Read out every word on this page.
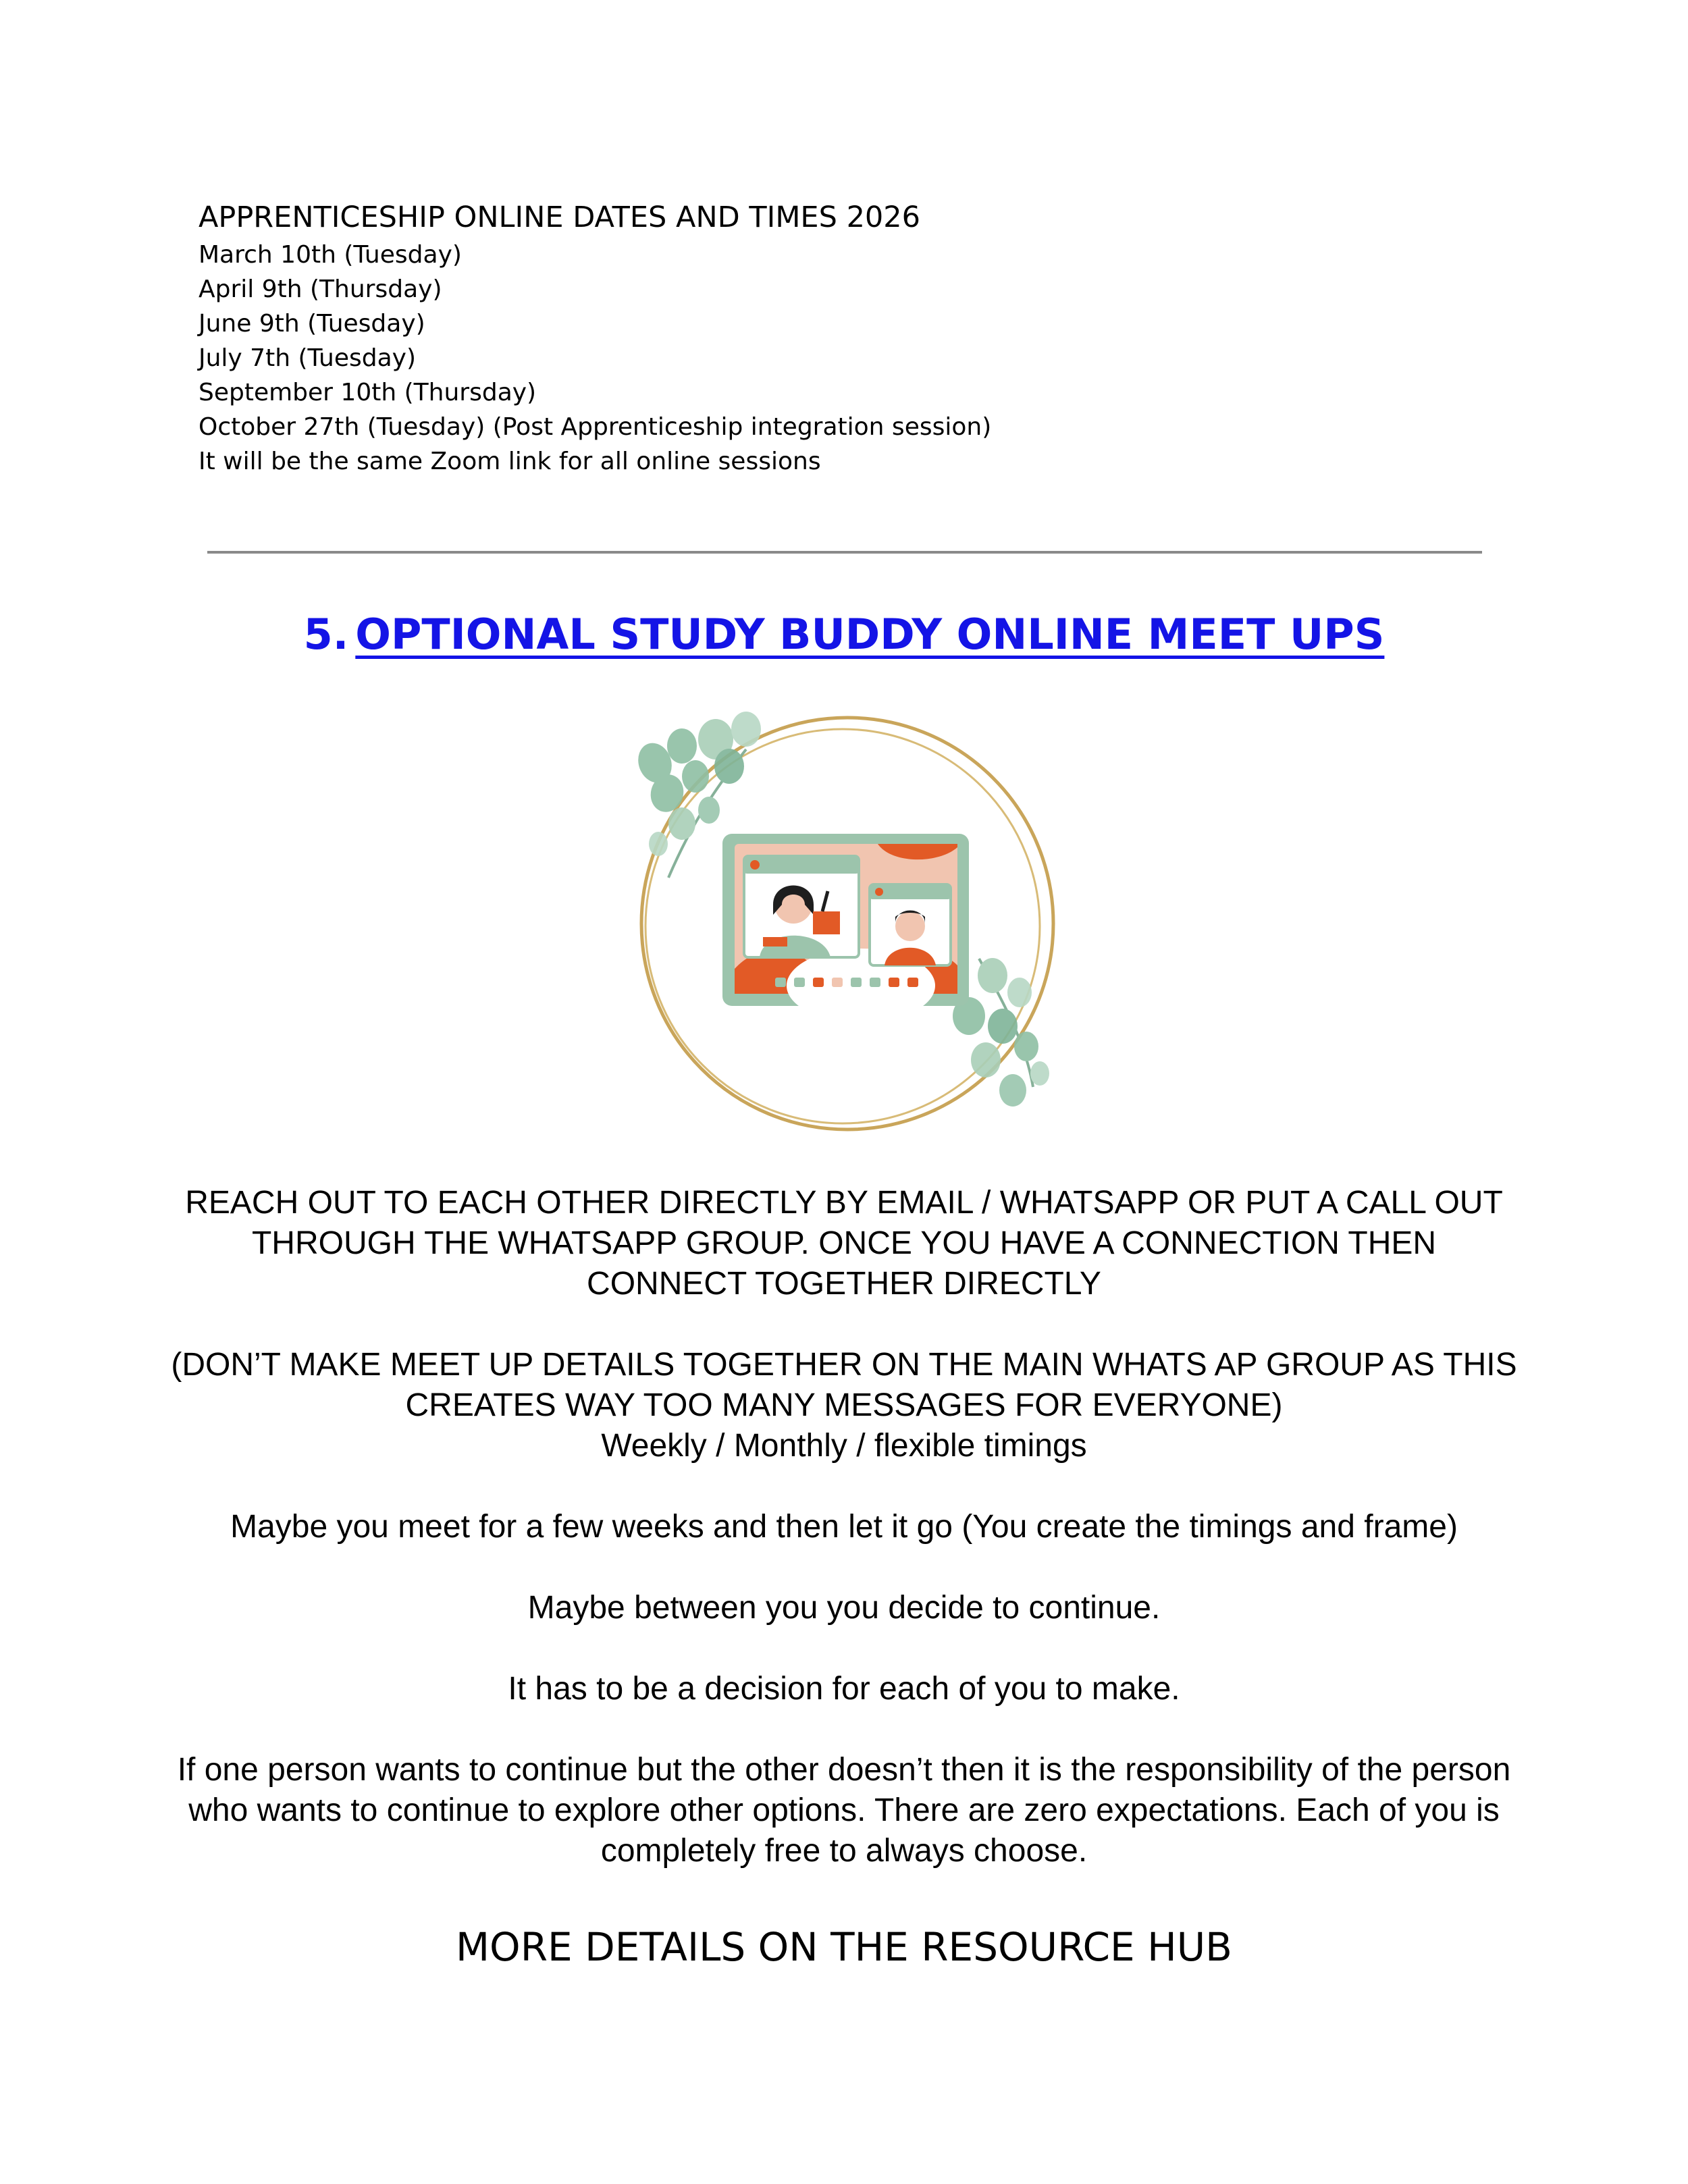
APPRENTICESHIP ONLINE DATES AND TIMES 2026
March 10th (Tuesday)
April 9th (Thursday)
June 9th (Tuesday)
July 7th (Tuesday)
September 10th (Thursday)
October 27th (Tuesday) (Post Apprenticeship integration session)
It will be the same Zoom link for all online sessions
5. OPTIONAL STUDY BUDDY ONLINE MEET UPS

REACH OUT TO EACH OTHER DIRECTLY BY EMAIL / WHATSAPP OR PUT A CALL OUT THROUGH THE WHATSAPP GROUP. ONCE YOU HAVE A CONNECTION THEN CONNECT TOGETHER DIRECTLY

(DON’T MAKE MEET UP DETAILS TOGETHER ON THE MAIN WHATS AP GROUP AS THIS CREATES WAY TOO MANY MESSAGES FOR EVERYONE)

Weekly / Monthly / flexible timings

Maybe you meet for a few weeks and then let it go (You create the timings and frame)

Maybe between you you decide to continue.

It has to be a decision for each of you to make.

If one person wants to continue but the other doesn’t then it is the responsibility of the person who wants to continue to explore other options. There are zero expectations. Each of you is completely free to always choose.

MORE DETAILS ON THE RESOURCE HUB
